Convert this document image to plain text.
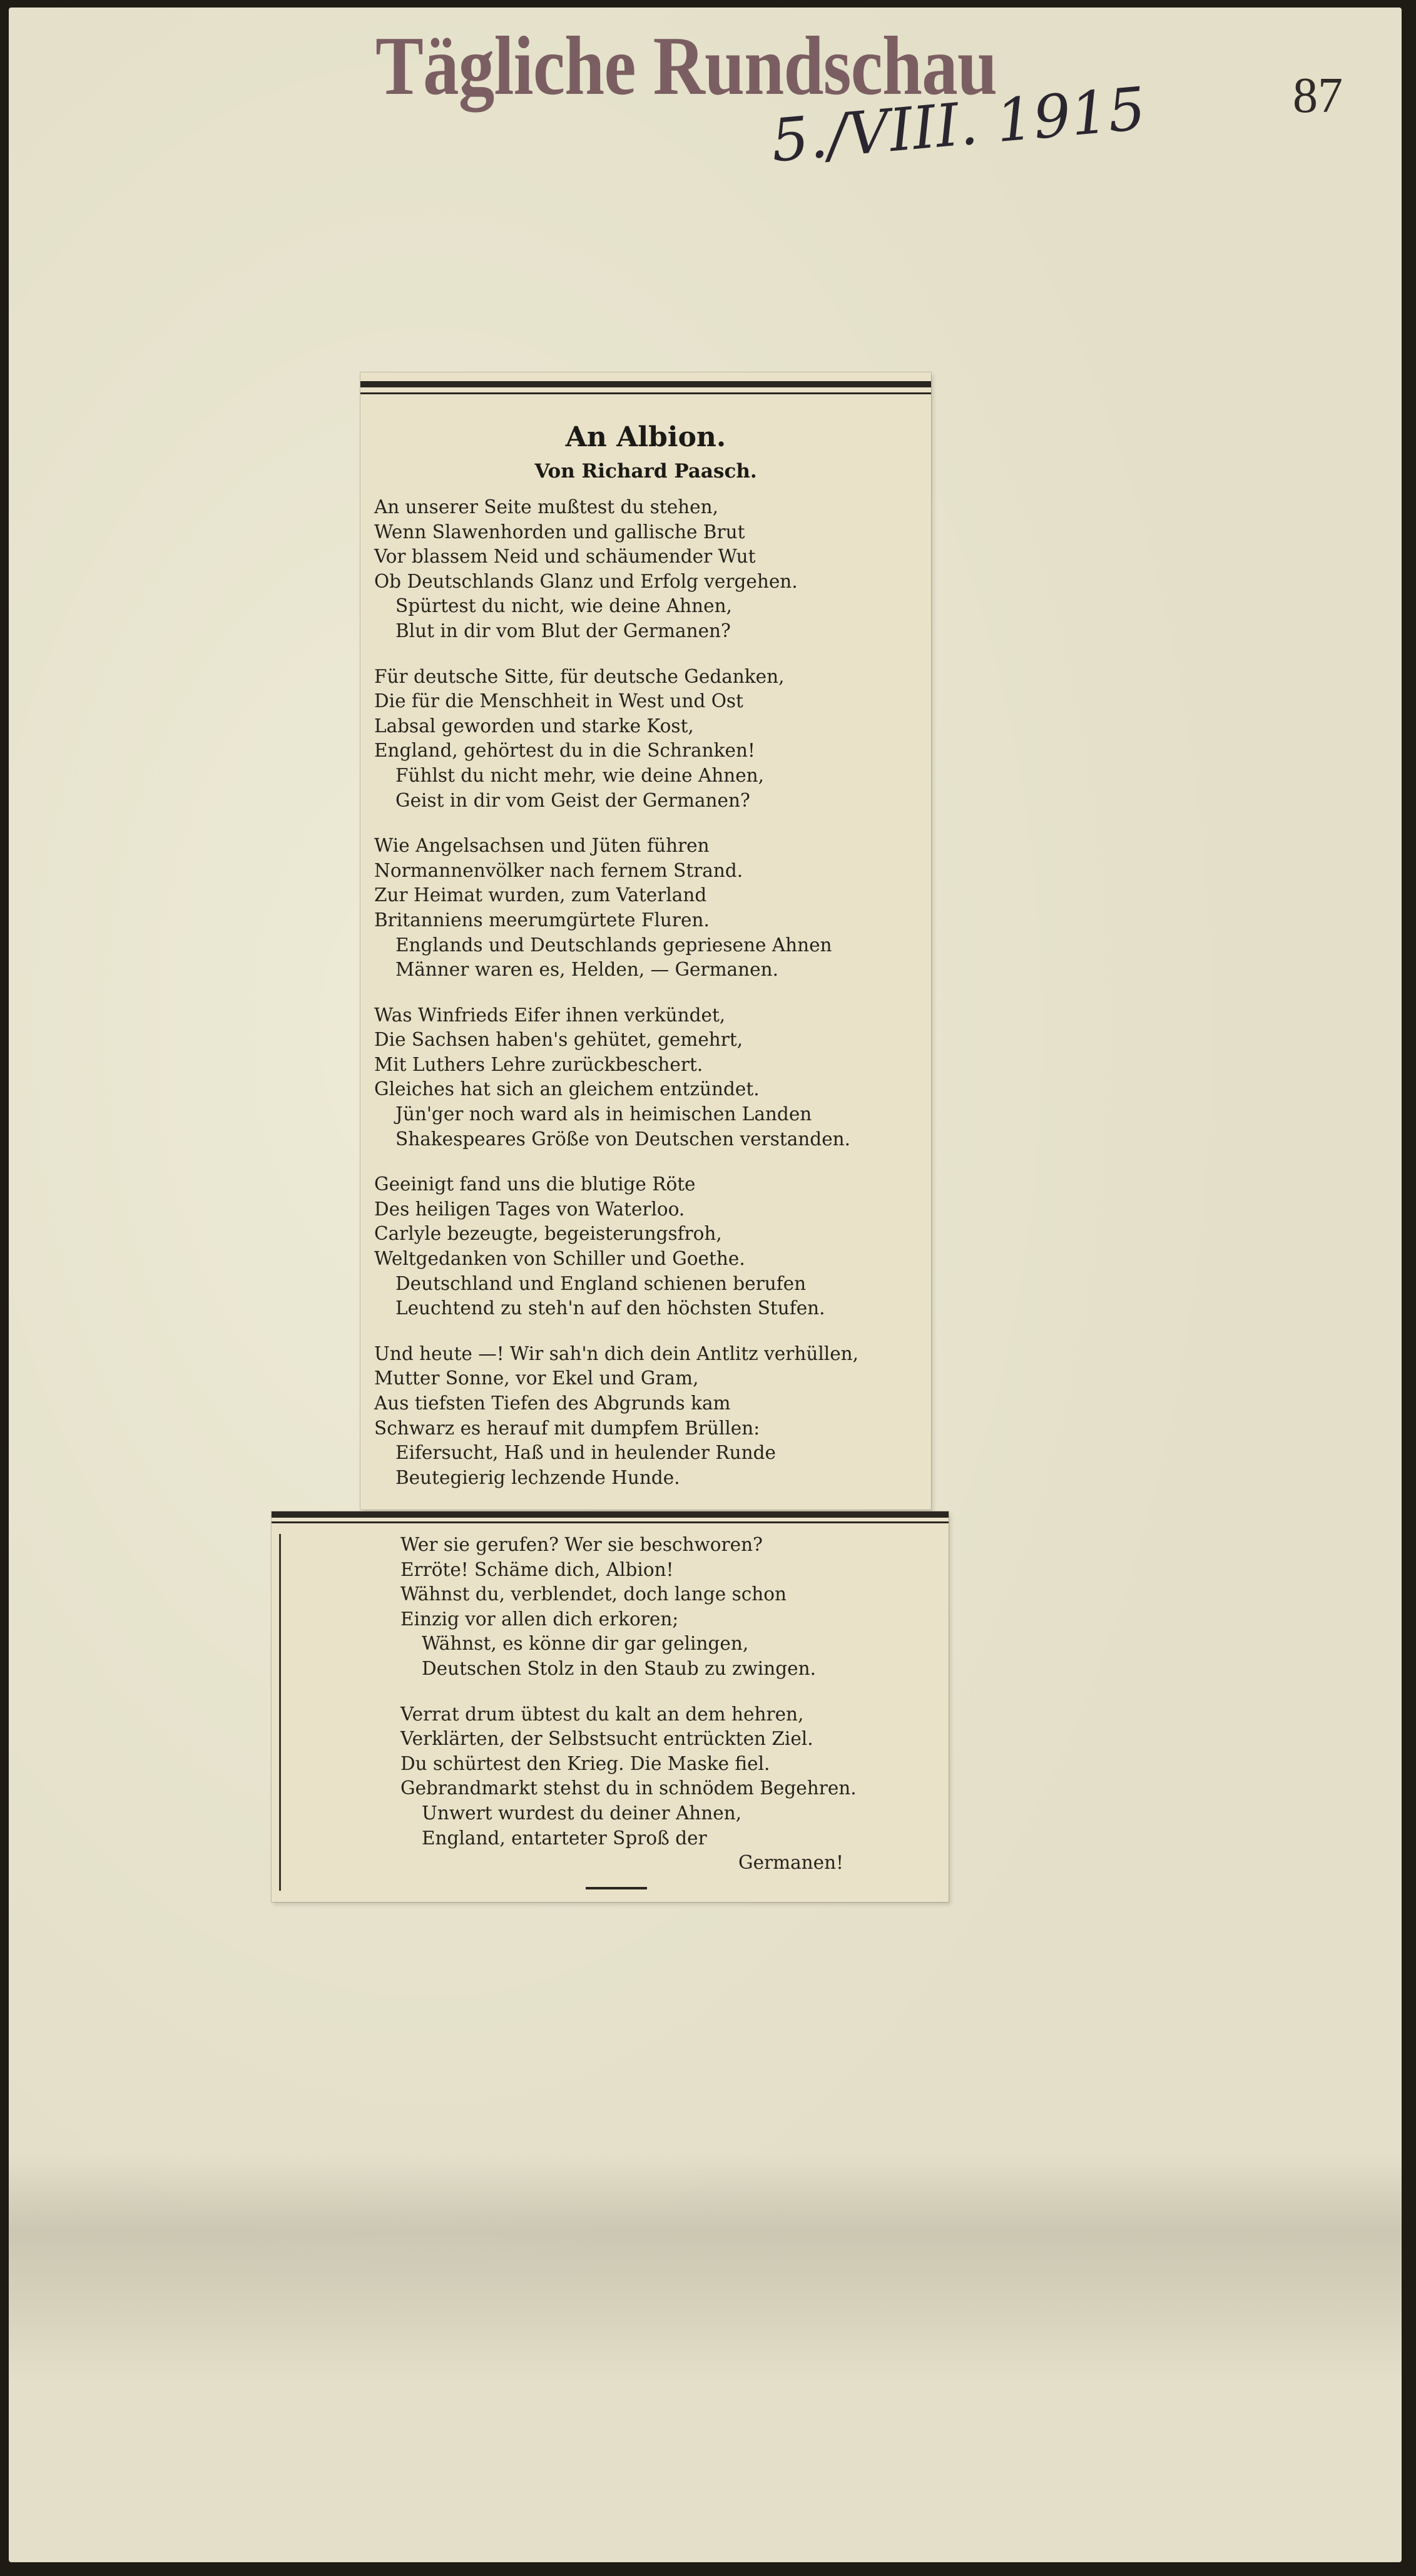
Tägliche Rundschau
5./VIII. 1915	87
An Albion.
Von Richard Paasch.
An unserer Seite mußtest du stehen,
Wenn Slawenhorden und gallische Brut
Vor blassem Neid und schäumender Wut
Ob Deutschlands Glanz und Erfolg vergehen.
Spürtest du nicht, wie deine Ahnen,
Blut in dir vom Blut der Germanen?
Für deutsche Sitte, für deutsche Gedanken,
Die für die Menschheit in West und Ost
Labsal geworden und starke Kost,
England, gehörtest du in die Schranken!
Fühlst du nicht mehr, wie deine Ahnen,
Geist in dir vom Geist der Germanen?
Wie Angelsachsen und Jüten führen
Normannenvölker nach fernem Strand.
Zur Heimat wurden, zum Vaterland
Britanniens meerumgürtete Fluren.
Englands und Deutschlands gepriesene Ahnen
Männer waren es, Helden, — Germanen.
Was Winfrieds Eifer ihnen verkündet,
Die Sachsen haben's gehütet, gemehrt,
Mit Luthers Lehre zurückbeschert.
Gleiches hat sich an gleichem entzündet.
Jün'ger noch ward als in heimischen Landen
Shakespeares Größe von Deutschen verstanden.
Geeinigt fand uns die blutige Röte
Des heiligen Tages von Waterloo.
Carlyle bezeugte, begeisterungsfroh,
Weltgedanken von Schiller und Goethe.
Deutschland und England schienen berufen
Leuchtend zu steh'n auf den höchsten Stufen.
Und heute —! Wir sah'n dich dein Antlitz verhüllen,
Mutter Sonne, vor Ekel und Gram,
Aus tiefsten Tiefen des Abgrunds kam
Schwarz es herauf mit dumpfem Brüllen:
Eifersucht, Haß und in heulender Runde
Beutegierig lechzende Hunde.
Wer sie gerufen? Wer sie beschworen?
Erröte! Schäme dich, Albion!
Wähnst du, verblendet, doch lange schon
Einzig vor allen dich erkoren;
Wähnst, es könne dir gar gelingen,
Deutschen Stolz in den Staub zu zwingen.
Verrat drum übtest du kalt an dem hehren,
Verklärten, der Selbstsucht entrückten Ziel.
Du schürtest den Krieg. Die Maske fiel.
Gebrandmarkt stehst du in schnödem Begehren.
Unwert wurdest du deiner Ahnen,
England, entarteter Sproß der
Germanen!
